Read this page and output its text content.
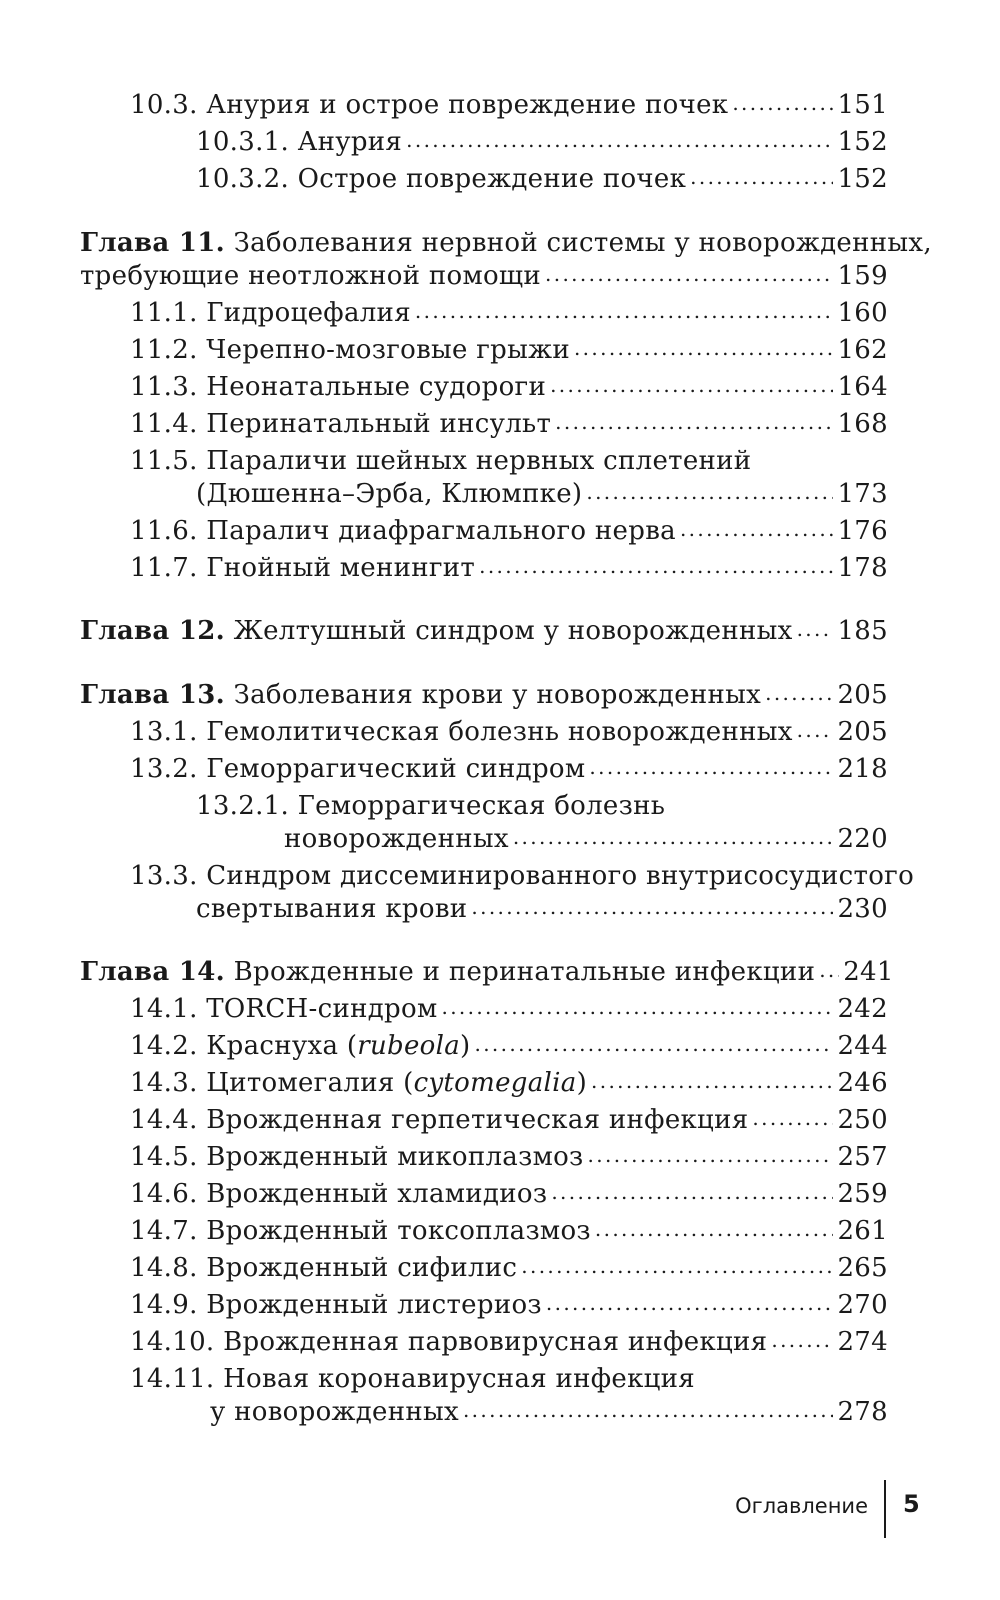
10.3. Анурия и острое повреждение почек . . .	151
10.3.1. Анурия . . .	152
10.3.2. Острое повреждение почек . . .	152
Глава 11. Заболевания нервной системы у новорожденных,
требующие неотложной помощи . . .	159
11.1. Гидроцефалия . . .	160
11.2. Черепно-мозговые грыжи . . .	162
11.3. Неонатальные судороги . . .	164
11.4. Перинатальный инсульт . . .	168
11.5. Параличи шейных нервных сплетений
(Дюшенна–Эрба, Клюмпке) . . .	173
11.6. Паралич диафрагмального нерва . . .	176
11.7. Гнойный менингит . . .	178
Глава 12. Желтушный синдром у новорожденных . . . 185
Глава 13. Заболевания крови у новорожденных . . .	205
13.1. Гемолитическая болезнь новорожденных . . . 205
13.2. Геморрагический синдром . . .	218
13.2.1. Геморрагическая болезнь
новорожденных . . .	220
13.3. Синдром диссеминированного внутрисосудистого
свертывания крови . . .	230
Глава 14. Врожденные и перинатальные инфекции . . . 241
14.1. TORCH-синдром . . .	242
14.2. Краснуха (rubeola) . . .	244
14.3. Цитомегалия (cytomegalia) . . .	246
14.4. Врожденная герпетическая инфекция . . .	250
14.5. Врожденный микоплазмоз . . .	257
14.6. Врожденный хламидиоз . . .	259
14.7. Врожденный токсоплазмоз . . .	261
14.8. Врожденный сифилис . . .	265
14.9. Врожденный листериоз . . .	270
14.10. Врожденная парвовирусная инфекция . . .	274
14.11. Новая коронавирусная инфекция
у новорожденных . . .	278
Оглавление 5
